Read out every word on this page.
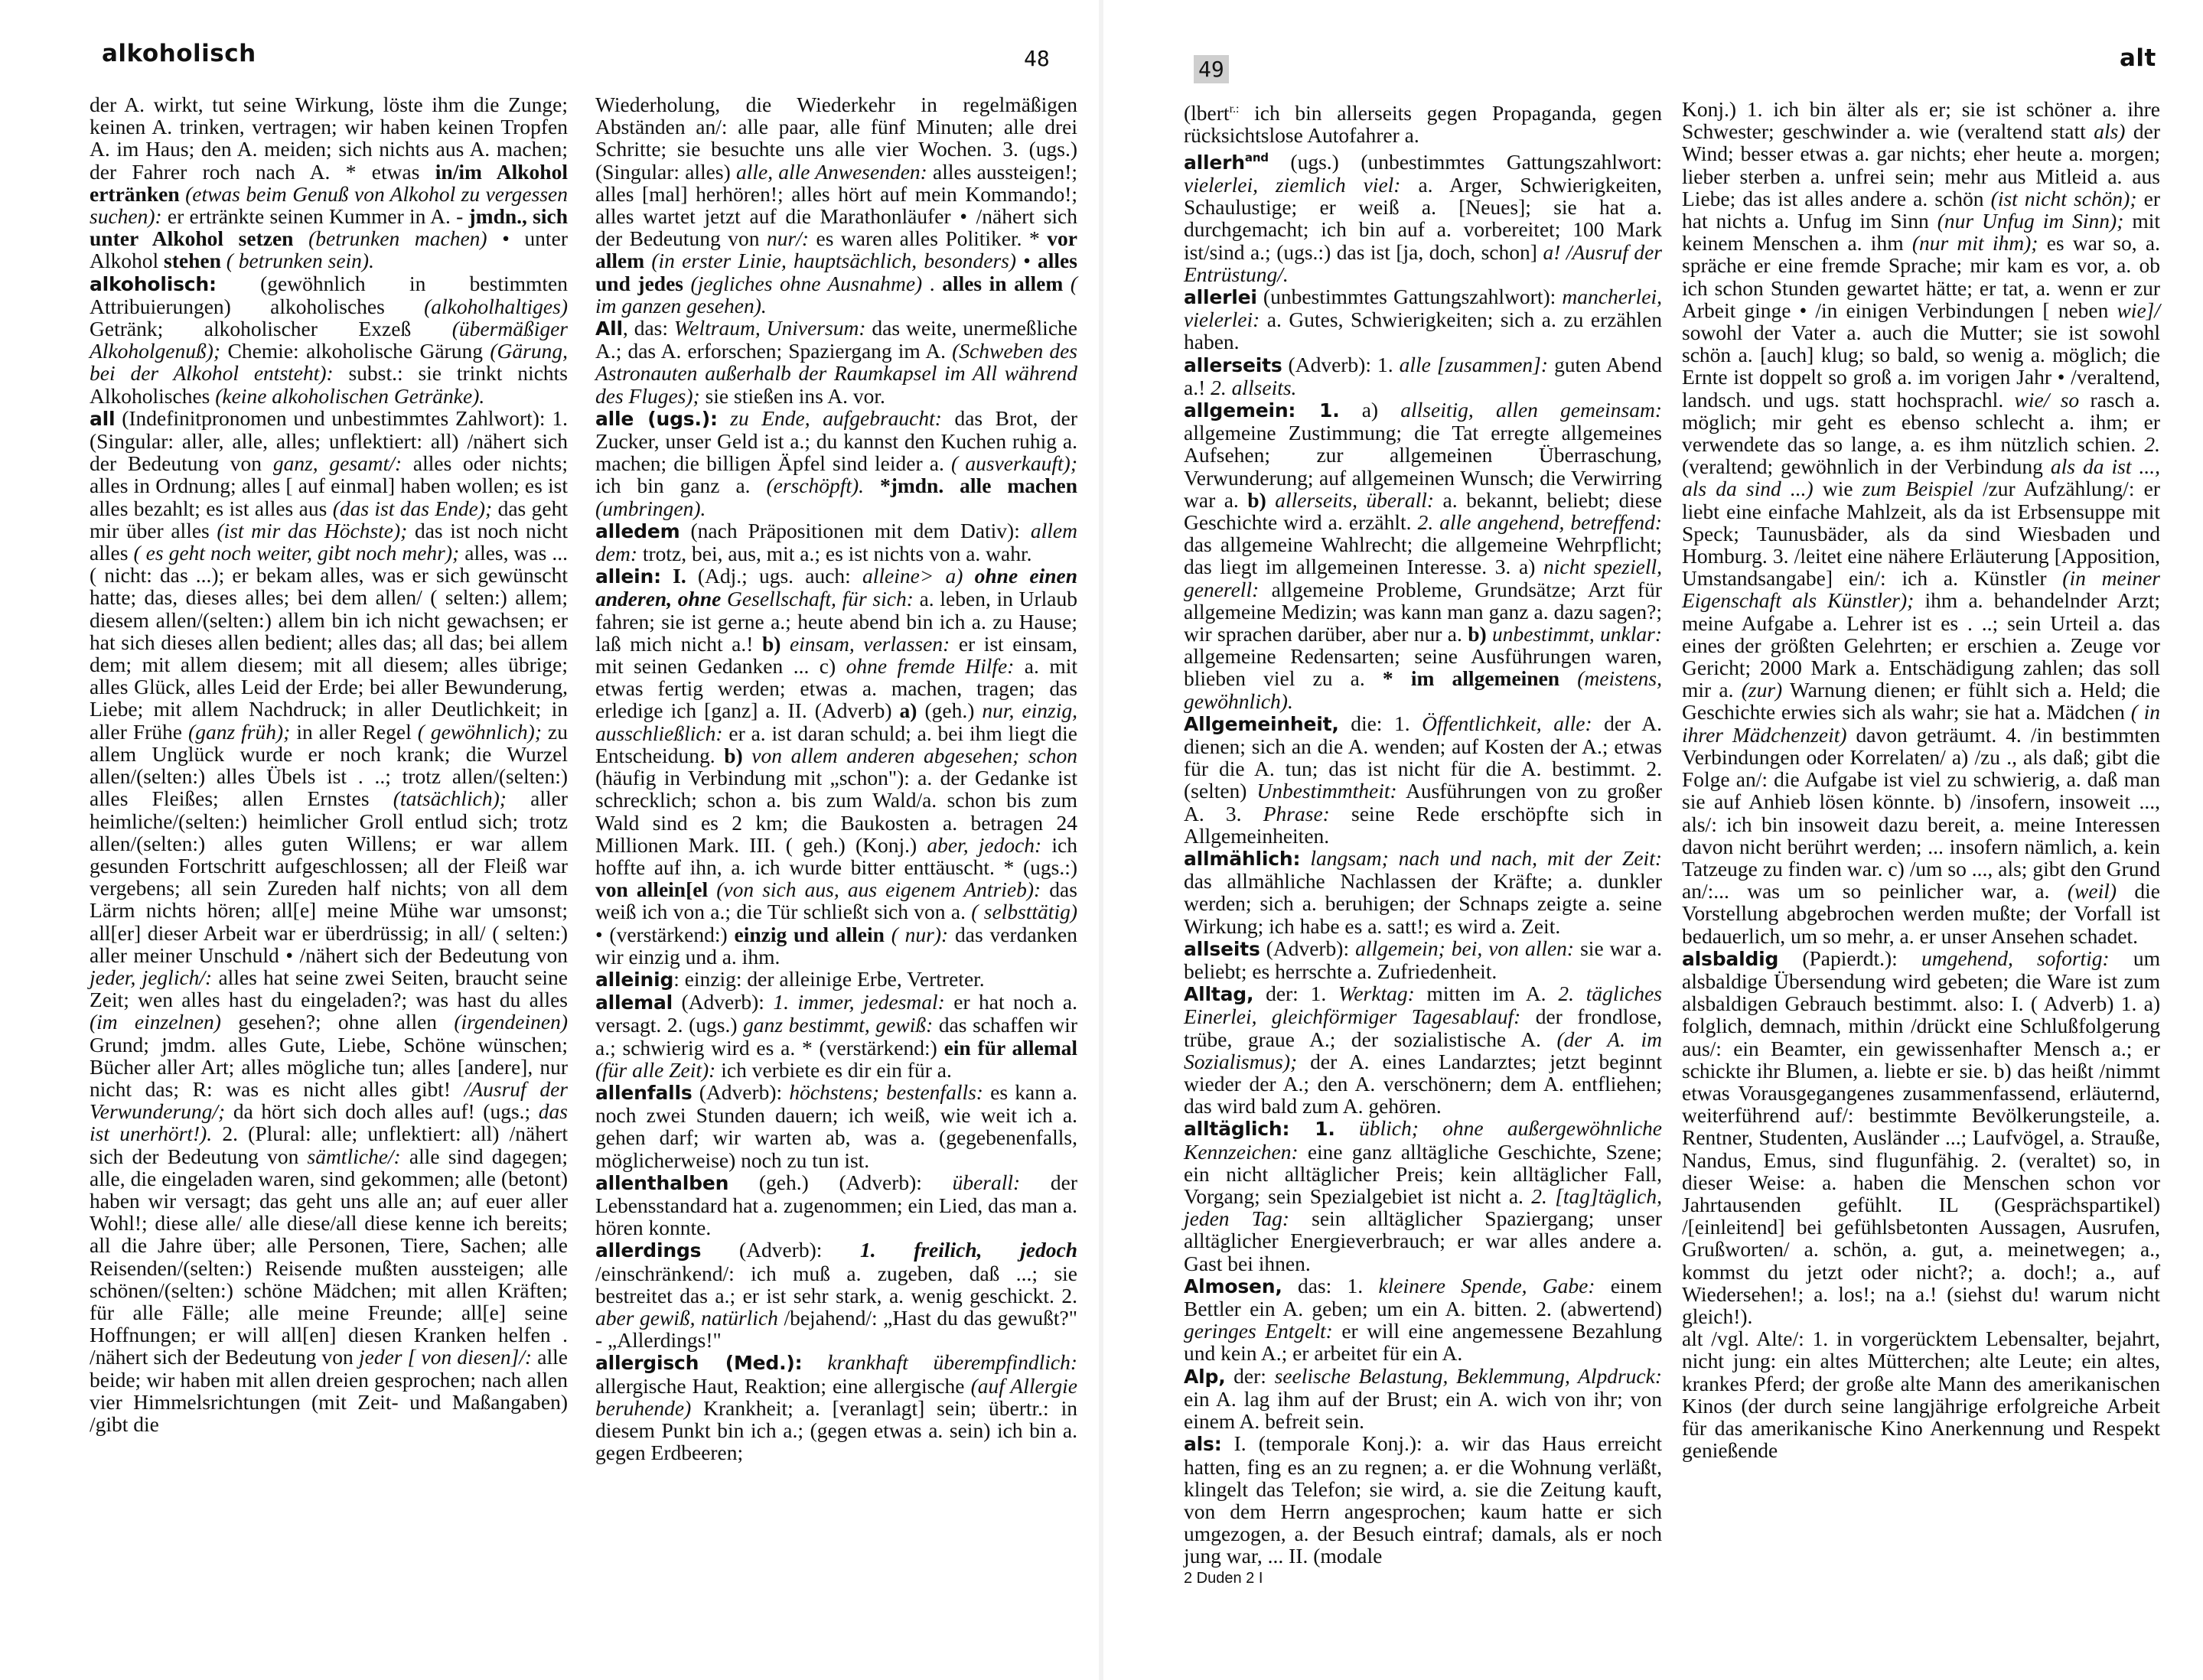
alkoholisch	48

der A. wirkt, tut seine Wirkung, löste ihm die Zunge; keinen A. trinken, vertragen; wir haben keinen Tropfen A. im Haus; den A. meiden; sich nichts aus A. machen; der Fahrer roch nach A. * etwas in/im Alkohol ertränken (etwas beim Genuß von Alkohol zu vergessen suchen): er ertränkte seinen Kummer in A. - jmdn., sich unter Alkohol setzen (betrunken machen) • unter Alkohol stehen ( betrunken sein).

alkoholisch: (gewöhnlich in bestimmten Attribuierungen) alkoholisches (alkoholhaltiges) Getränk; alkoholischer Exzeß (übermäßiger Alkoholgenuß); Chemie: alkoholische Gärung (Gärung, bei der Alkohol entsteht): subst.: sie trinkt nichts Alkoholisches (keine alkoholischen Getränke).

all (Indefinitpronomen und unbestimmtes Zahlwort): 1. (Singular: aller, alle, alles; unflektiert: all) /nähert sich der Bedeutung von ganz, gesamt/: alles oder nichts; alles in Ordnung; alles [ auf einmal] haben wollen; es ist alles bezahlt; es ist alles aus (das ist das Ende); das geht mir über alles (ist mir das Höchste); das ist noch nicht alles ( es geht noch weiter, gibt noch mehr); alles, was ... ( nicht: das ...); er bekam alles, was er sich gewünscht hatte; das, dieses alles; bei dem allen/ ( selten:) allem; diesem allen/(selten:) allem bin ich nicht gewachsen; er hat sich dieses allen bedient; alles das; all das; bei allem dem; mit allem diesem; mit all diesem; alles übrige; alles Glück, alles Leid der Erde; bei aller Bewunderung, Liebe; mit allem Nachdruck; in aller Deutlichkeit; in aller Frühe (ganz früh); in aller Regel ( gewöhnlich); zu allem Unglück wurde er noch krank; die Wurzel allen/(selten:) alles Übels ist . ..; trotz allen/(selten:) alles Fleißes; allen Ernstes (tatsächlich); aller heimliche/(selten:) heimlicher Groll entlud sich; trotz allen/(selten:) alles guten Willens; er war allem gesunden Fortschritt aufgeschlossen; all der Fleiß war vergebens; all sein Zureden half nichts; von all dem Lärm nichts hören; all[e] meine Mühe war umsonst; all[er] dieser Arbeit war er überdrüssig; in all/ ( selten:) aller meiner Unschuld • /nähert sich der Bedeutung von jeder, jeglich/: alles hat seine zwei Seiten, braucht seine Zeit; wen alles hast du eingeladen?; was hast du alles (im einzelnen) gesehen?; ohne allen (irgendeinen) Grund; jmdm. alles Gute, Liebe, Schöne wünschen; Bücher aller Art; alles mögliche tun; alles [andere], nur nicht das; R: was es nicht alles gibt! /Ausruf der Verwunderung/; da hört sich doch alles auf! (ugs.; das ist unerhört!). 2. (Plural: alle; unflektiert: all) /nähert sich der Bedeutung von sämtliche/: alle sind dagegen; alle, die eingeladen waren, sind gekommen; alle (betont) haben wir versagt; das geht uns alle an; auf euer aller Wohl!; diese alle/ alle diese/all diese kenne ich bereits; all die Jahre über; alle Personen, Tiere, Sachen; alle Reisenden/(selten:) Reisende mußten aussteigen; alle schönen/(selten:) schöne Mädchen; mit allen Kräften; für alle Fälle; alle meine Freunde; all[e] seine Hoffnungen; er will all[en] diesen Kranken helfen . /nähert sich der Bedeutung von jeder [ von diesen]/: alle beide; wir haben mit allen dreien gesprochen; nach allen vier Himmelsrichtungen (mit Zeit- und Maßangaben) /gibt die

Wiederholung, die Wiederkehr in regelmäßigen Abständen an/: alle paar, alle fünf Minuten; alle drei Schritte; sie besuchte uns alle vier Wochen. 3. (ugs.) (Singular: alles) alle, alle Anwesenden: alles aussteigen!; alles [mal] herhören!; alles hört auf mein Kommando!; alles wartet jetzt auf die Marathonläufer • /nähert sich der Bedeutung von nur/: es waren alles Politiker. * vor allem (in erster Linie, hauptsächlich, besonders) • alles und jedes (jegliches ohne Ausnahme) . alles in allem ( im ganzen gesehen).

All, das: Weltraum, Universum: das weite, unermeßliche A.; das A. erforschen; Spaziergang im A. (Schweben des Astronauten außerhalb der Raumkapsel im All während des Fluges); sie stießen ins A. vor.

alle (ugs.): zu Ende, aufgebraucht: das Brot, der Zucker, unser Geld ist a.; du kannst den Kuchen ruhig a. machen; die billigen Äpfel sind leider a. ( ausverkauft); ich bin ganz a. (erschöpft). *jmdn. alle machen (umbringen).

alledem (nach Präpositionen mit dem Dativ): allem dem: trotz, bei, aus, mit a.; es ist nichts von a. wahr.

allein: I. (Adj.; ugs. auch: alleine> a) ohne einen anderen, ohne Gesellschaft, für sich: a. leben, in Urlaub fahren; sie ist gerne a.; heute abend bin ich a. zu Hause; laß mich nicht a.! b) einsam, verlassen: er ist einsam, mit seinen Gedanken ... c) ohne fremde Hilfe: a. mit etwas fertig werden; etwas a. machen, tragen; das erledige ich [ganz] a. II. (Adverb) a) (geh.) nur, einzig, ausschließlich: er a. ist daran schuld; a. bei ihm liegt die Entscheidung. b) von allem anderen abgesehen; schon (häufig in Verbindung mit „schon"): a. der Gedanke ist schrecklich; schon a. bis zum Wald/a. schon bis zum Wald sind es 2 km; die Baukosten a. betragen 24 Millionen Mark. III. ( geh.) (Konj.) aber, jedoch: ich hoffte auf ihn, a. ich wurde bitter enttäuscht. * (ugs.:) von allein[el (von sich aus, aus eigenem Antrieb): das weiß ich von a.; die Tür schließt sich von a. ( selbsttätig) • (verstärkend:) einzig und allein ( nur): das verdanken wir einzig und a. ihm.

alleinig: einzig: der alleinige Erbe, Vertreter.

allemal (Adverb): 1. immer, jedesmal: er hat noch a. versagt. 2. (ugs.) ganz bestimmt, gewiß: das schaffen wir a.; schwierig wird es a. * (verstärkend:) ein für allemal (für alle Zeit): ich verbiete es dir ein für a.

allenfalls (Adverb): höchstens; bestenfalls: es kann a. noch zwei Stunden dauern; ich weiß, wie weit ich a. gehen darf; wir warten ab, was a. (gegebenenfalls, möglicherweise) noch zu tun ist.

allenthalben (geh.) (Adverb): überall: der Lebensstandard hat a. zugenommen; ein Lied, das man a. hören konnte.

allerdings (Adverb): 1. freilich, jedoch /einschränkend/: ich muß a. zugeben, daß ...; sie bestreitet das a.; er ist sehr stark, a. wenig geschickt. 2. aber gewiß, natürlich /bejahend/: „Hast du das gewußt?" - „Allerdings!"

allergisch (Med.): krankhaft überempfindlich: allergische Haut, Reaktion; eine allergische (auf Allergie beruhende) Krankheit; a. [veranlagt] sein; übertr.: in diesem Punkt bin ich a.; (gegen etwas a. sein) ich bin a. gegen Erdbeeren;

49	alt

(lbert$^{r.:}$ ich bin allerseits gegen Propaganda, gegen rücksichtslose Autofahrer a.

allerh$^{and}$ (ugs.) (unbestimmtes Gattungszahlwort: vielerlei, ziemlich viel: a. Arger, Schwierigkeiten, Schaulustige; er weiß a. [Neues]; sie hat a. durchgemacht; ich bin auf a. vorbereitet; 100 Mark ist/sind a.; (ugs.:) das ist [ja, doch, schon] a! /Ausruf der Entrüstung/.

allerlei (unbestimmtes Gattungszahlwort): mancherlei, vielerlei: a. Gutes, Schwierigkeiten; sich a. zu erzählen haben.

allerseits (Adverb): 1. alle [zusammen]: guten Abend a.! 2. allseits.

allgemein: 1. a) allseitig, allen gemeinsam: allgemeine Zustimmung; die Tat erregte allgemeines Aufsehen; zur allgemeinen Überraschung, Verwunderung; auf allgemeinen Wunsch; die Verwirring war a. b) allerseits, überall: a. bekannt, beliebt; diese Geschichte wird a. erzählt. 2. alle angehend, betreffend: das allgemeine Wahlrecht; die allgemeine Wehrpflicht; das liegt im allgemeinen Interesse. 3. a) nicht speziell, generell: allgemeine Probleme, Grundsätze; Arzt für allgemeine Medizin; was kann man ganz a. dazu sagen?; wir sprachen darüber, aber nur a. b) unbestimmt, unklar: allgemeine Redensarten; seine Ausführungen waren, blieben viel zu a. * im allgemeinen (meistens, gewöhnlich).

Allgemeinheit, die: 1. Öffentlichkeit, alle: der A. dienen; sich an die A. wenden; auf Kosten der A.; etwas für die A. tun; das ist nicht für die A. bestimmt. 2. (selten) Unbestimmtheit: Ausführungen von zu großer A. 3. Phrase: seine Rede erschöpfte sich in Allgemeinheiten.

allmählich: langsam; nach und nach, mit der Zeit: das allmähliche Nachlassen der Kräfte; a. dunkler werden; sich a. beruhigen; der Schnaps zeigte a. seine Wirkung; ich habe es a. satt!; es wird a. Zeit.

allseits (Adverb): allgemein; bei, von allen: sie war a. beliebt; es herrschte a. Zufriedenheit.

Alltag, der: 1. Werktag: mitten im A. 2. tägliches Einerlei, gleichförmiger Tagesablauf: der frondlose, trübe, graue A.; der sozialistische A. (der A. im Sozialismus); der A. eines Landarztes; jetzt beginnt wieder der A.; den A. verschönern; dem A. entfliehen; das wird bald zum A. gehören.

alltäglich: 1. üblich; ohne außergewöhnliche Kennzeichen: eine ganz alltägliche Geschichte, Szene; ein nicht alltäglicher Preis; kein alltäglicher Fall, Vorgang; sein Spezialgebiet ist nicht a. 2. [tag]täglich, jeden Tag: sein alltäglicher Spaziergang; unser alltäglicher Energieverbrauch; er war alles andere a. Gast bei ihnen.

Almosen, das: 1. kleinere Spende, Gabe: einem Bettler ein A. geben; um ein A. bitten. 2. (abwertend) geringes Entgelt: er will eine angemessene Bezahlung und kein A.; er arbeitet für ein A.

Alp, der: seelische Belastung, Beklemmung, Alpdruck: ein A. lag ihm auf der Brust; ein A. wich von ihr; von einem A. befreit sein.

als: I. (temporale Konj.): a. wir das Haus erreicht hatten, fing es an zu regnen; a. er die Wohnung verläßt, klingelt das Telefon; sie wird, a. sie die Zeitung kauft, von dem Herrn angesprochen; kaum hatte er sich umgezogen, a. der Besuch eintraf; damals, als er noch jung war, ... II. (modale

Konj.) 1. ich bin älter als er; sie ist schöner a. ihre Schwester; geschwinder a. wie (veraltend statt als) der Wind; besser etwas a. gar nichts; eher heute a. morgen; lieber sterben a. unfrei sein; mehr aus Mitleid a. aus Liebe; das ist alles andere a. schön (ist nicht schön); er hat nichts a. Unfug im Sinn (nur Unfug im Sinn); mit keinem Menschen a. ihm (nur mit ihm); es war so, a. spräche er eine fremde Sprache; mir kam es vor, a. ob ich schon Stunden gewartet hätte; er tat, a. wenn er zur Arbeit ginge • /in einigen Verbindungen [ neben wie]/ sowohl der Vater a. auch die Mutter; sie ist sowohl schön a. [auch] klug; so bald, so wenig a. möglich; die Ernte ist doppelt so groß a. im vorigen Jahr • /veraltend, landsch. und ugs. statt hochsprachl. wie/ so rasch a. möglich; mir geht es ebenso schlecht a. ihm; er verwendete das so lange, a. es ihm nützlich schien. 2. (veraltend; gewöhnlich in der Verbindung als da ist ..., als da sind ...) wie zum Beispiel /zur Aufzählung/: er liebt eine einfache Mahlzeit, als da ist Erbsensuppe mit Speck; Taunusbäder, als da sind Wiesbaden und Homburg. 3. /leitet eine nähere Erläuterung [Apposition, Umstandsangabe] ein/: ich a. Künstler (in meiner Eigenschaft als Künstler); ihm a. behandelnder Arzt; meine Aufgabe a. Lehrer ist es . ..; sein Urteil a. das eines der größten Gelehrten; er erschien a. Zeuge vor Gericht; 2000 Mark a. Entschädigung zahlen; das soll mir a. (zur) Warnung dienen; er fühlt sich a. Held; die Geschichte erwies sich als wahr; sie hat a. Mädchen ( in ihrer Mädchenzeit) davon geträumt. 4. /in bestimmten Verbindungen oder Korrelaten/ a) /zu ., als daß; gibt die Folge an/: die Aufgabe ist viel zu schwierig, a. daß man sie auf Anhieb lösen könnte. b) /insofern, insoweit ..., als/: ich bin insoweit dazu bereit, a. meine Interessen davon nicht berührt werden; ... insofern nämlich, a. kein Tatzeuge zu finden war. c) /um so ..., als; gibt den Grund an/:... was um so peinlicher war, a. (weil) die Vorstellung abgebrochen werden mußte; der Vorfall ist bedauerlich, um so mehr, a. er unser Ansehen schadet.

alsbaldig (Papierdt.): umgehend, sofortig: um alsbaldige Übersendung wird gebeten; die Ware ist zum alsbaldigen Gebrauch bestimmt. also: I. ( Adverb) 1. a) folglich, demnach, mithin /drückt eine Schlußfolgerung aus/: ein Beamter, ein gewissenhafter Mensch a.; er schickte ihr Blumen, a. liebte er sie. b) das heißt /nimmt etwas Vorausgegangenes zusammenfassend, erläuternd, weiterführend auf/: bestimmte Bevölkerungsteile, a. Rentner, Studenten, Ausländer ...; Laufvögel, a. Strauße, Nandus, Emus, sind flugunfähig. 2. (veraltet) so, in dieser Weise: a. haben die Menschen schon vor Jahrtausenden gefühlt. IL (Gesprächspartikel) /[einleitend] bei gefühlsbetonten Aussagen, Ausrufen, Grußworten/ a. schön, a. gut, a. meinetwegen; a., kommst du jetzt oder nicht?; a. doch!; a., auf Wiedersehen!; a. los!; na a.! (siehst du! warum nicht gleich!).

alt /vgl. Alte/: 1. in vorgerücktem Lebensalter, bejahrt, nicht jung: ein altes Mütterchen; alte Leute; ein altes, krankes Pferd; der große alte Mann des amerikanischen Kinos (der durch seine langjährige erfolgreiche Arbeit für das amerikanische Kino Anerkennung und Respekt genießende

2 Duden 2 I
